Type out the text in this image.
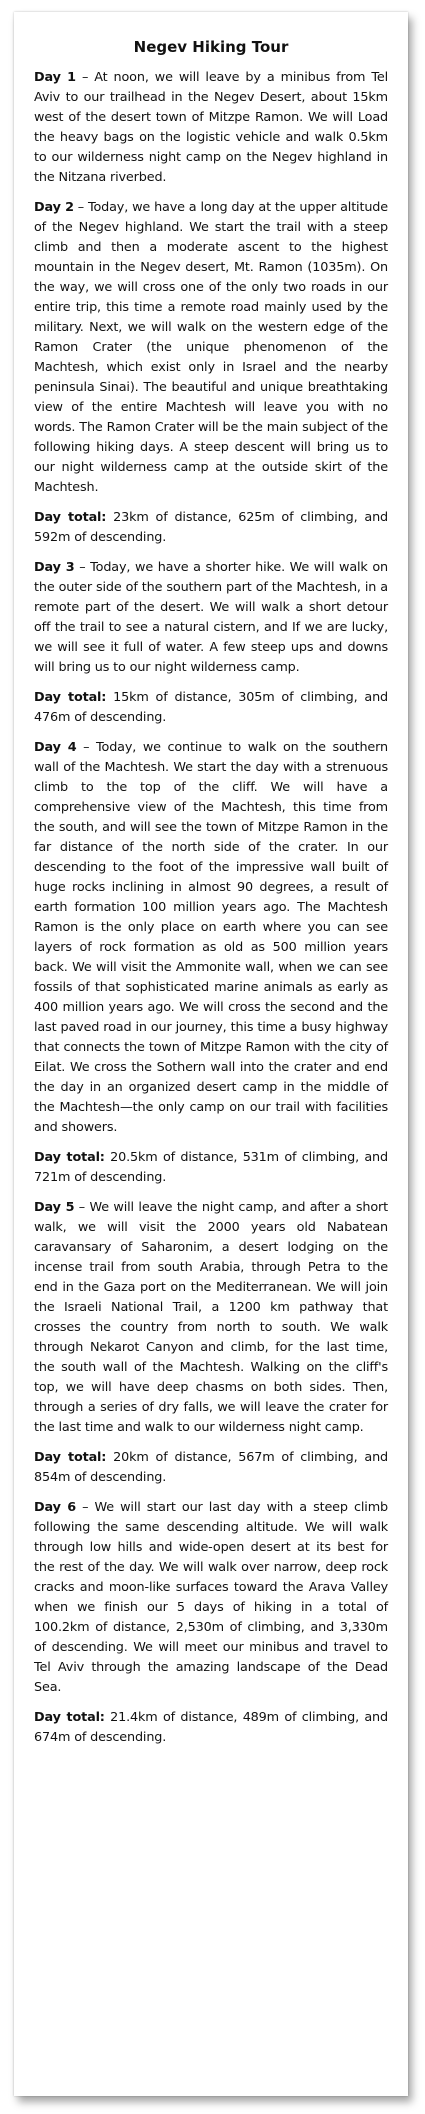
Negev Hiking Tour

Day 1 – At noon, we will leave by a minibus from Tel Aviv to our trailhead in the Negev Desert, about 15km west of the desert town of Mitzpe Ramon. We will Load the heavy bags on the logistic vehicle and walk 0.5km to our wilderness night camp on the Negev highland in the Nitzana riverbed.

Day 2 – Today, we have a long day at the upper altitude of the Negev highland. We start the trail with a steep climb and then a moderate ascent to the highest mountain in the Negev desert, Mt. Ramon (1035m). On the way, we will cross one of the only two roads in our entire trip, this time a remote road mainly used by the military. Next, we will walk on the western edge of the Ramon Crater (the unique phenomenon of the Machtesh, which exist only in Israel and the nearby peninsula Sinai). The beautiful and unique breathtaking view of the entire Machtesh will leave you with no words. The Ramon Crater will be the main subject of the following hiking days. A steep descent will bring us to our night wilderness camp at the outside skirt of the Machtesh.

Day total: 23km of distance, 625m of climbing, and 592m of descending.

Day 3 – Today, we have a shorter hike. We will walk on the outer side of the southern part of the Machtesh, in a remote part of the desert. We will walk a short detour off the trail to see a natural cistern, and If we are lucky, we will see it full of water. A few steep ups and downs will bring us to our night wilderness camp.

Day total: 15km of distance, 305m of climbing, and 476m of descending.

Day 4 – Today, we continue to walk on the southern wall of the Machtesh. We start the day with a strenuous climb to the top of the cliff. We will have a comprehensive view of the Machtesh, this time from the south, and will see the town of Mitzpe Ramon in the far distance of the north side of the crater. In our descending to the foot of the impressive wall built of huge rocks inclining in almost 90 degrees, a result of earth formation 100 million years ago. The Machtesh Ramon is the only place on earth where you can see layers of rock formation as old as 500 million years back. We will visit the Ammonite wall, when we can see fossils of that sophisticated marine animals as early as 400 million years ago. We will cross the second and the last paved road in our journey, this time a busy highway that connects the town of Mitzpe Ramon with the city of Eilat. We cross the Sothern wall into the crater and end the day in an organized desert camp in the middle of the Machtesh—the only camp on our trail with facilities and showers.

Day total: 20.5km of distance, 531m of climbing, and 721m of descending.

Day 5 – We will leave the night camp, and after a short walk, we will visit the 2000 years old Nabatean caravansary of Saharonim, a desert lodging on the incense trail from south Arabia, through Petra to the end in the Gaza port on the Mediterranean. We will join the Israeli National Trail, a 1200 km pathway that crosses the country from north to south. We walk through Nekarot Canyon and climb, for the last time, the south wall of the Machtesh. Walking on the cliff's top, we will have deep chasms on both sides. Then, through a series of dry falls, we will leave the crater for the last time and walk to our wilderness night camp.

Day total: 20km of distance, 567m of climbing, and 854m of descending.

Day 6 – We will start our last day with a steep climb following the same descending altitude. We will walk through low hills and wide-open desert at its best for the rest of the day. We will walk over narrow, deep rock cracks and moon-like surfaces toward the Arava Valley when we finish our 5 days of hiking in a total of 100.2km of distance, 2,530m of climbing, and 3,330m of descending. We will meet our minibus and travel to Tel Aviv through the amazing landscape of the Dead Sea.

Day total: 21.4km of distance, 489m of climbing, and 674m of descending.
